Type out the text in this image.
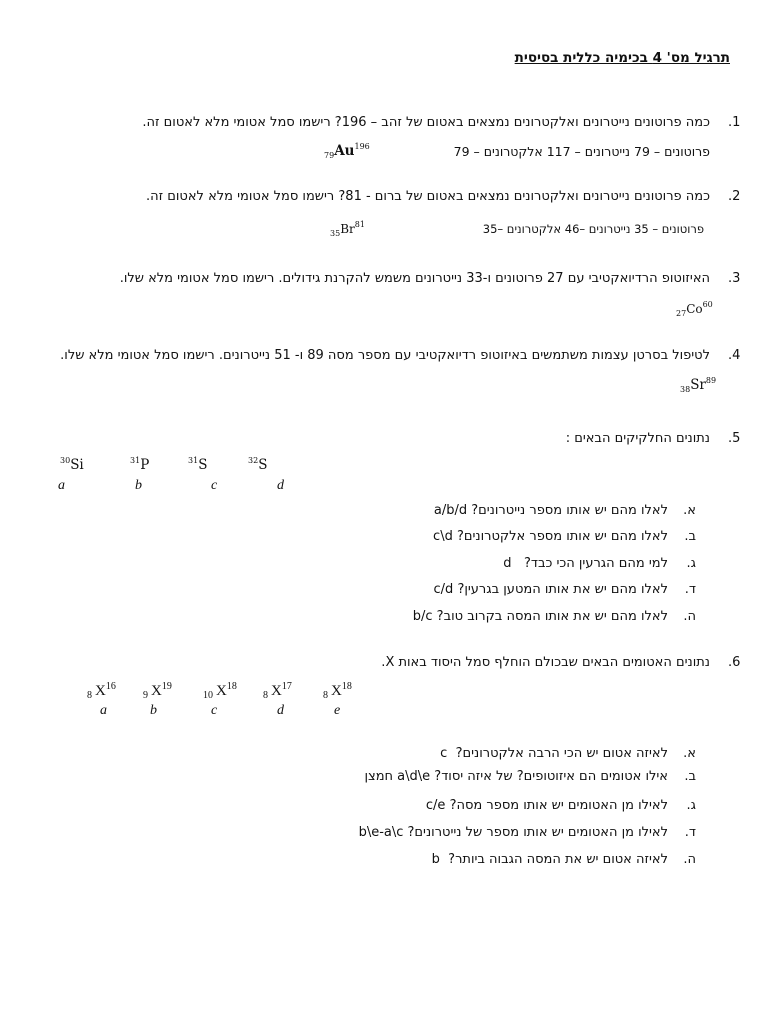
תרגיל מס' 4 בכימיה כללית בסיסית
.1
כמה פרוטונים נייטרונים ואלקטרונים נמצאים באטום של זהב – 196? רישמו סמל אטומי מלא לאטום זה.
פרוטונים – 79 נייטרונים – 117 אלקטרונים – 79
$_{79}Au^{196}$
.2
כמה פרוטונים נייטרונים ואלקטרונים נמצאים באטום של ברום - 81? רישמו סמל אטומי מלא לאטום זה.
פרוטונים – 35 נייטרונים –46 אלקטרונים –35
$_{35}Br^{81}$
.3
האיזוטופ הרדיואקטיבי עם 27 פרוטונים ו-33 נייטרונים משמש להקרנת גידולים. רישמו סמל אטומי מלא שלו.
$_{27}Co^{60}$
.4
לטיפול בסרטן עצמות משתמשים באיזוטופ רדיואקטיבי עם מספר מסה 89 ו- 51 נייטרונים. רישמו סמל אטומי מלא שלו.
$_{38}Sr^{89}$
.5
נתונים החלקיקים הבאים :
$^{30}$Si	$^{31}$P	$^{31}$S	$^{32}$S
a	b	c	d
א.
לאלו מהם יש אותו מספר נייטרונים? a/b/d
ב.
לאלו מהם יש אותו מספר אלקטרונים? c\d
ג.
למי מהם הגרעין הכי כבד?   d
ד.
לאלו מהם יש את אותו המטען בגרעין? c/d
ה.
לאלו מהם יש את אותו המסה בקרוב טוב? b/c
.6
נתונים האטומים הבאים שבכולם הוחלף סמל היסוד באות X.
$_8$ $X^{16}$
$_9$ $X^{19}$
$_{10}$ $X^{18}$
$_8$ $X^{17}$
$_8$ $X^{18}$
a	b	c	d	e
א.
לאיזה אטום יש הכי הרבה אלקטרונים?  c
ב.
אילו אטומים הם איזוטופים? של איזה יסוד? a\d\e חמצן
ג.
לאילו מן האטומים יש אותו מספר מסה? c/e
ד.
לאילו מן האטומים יש אותו מספר של נייטרונים? b\e-a\c
ה.
לאיזה אטום יש את המסה הגבוה ביותר?  b
